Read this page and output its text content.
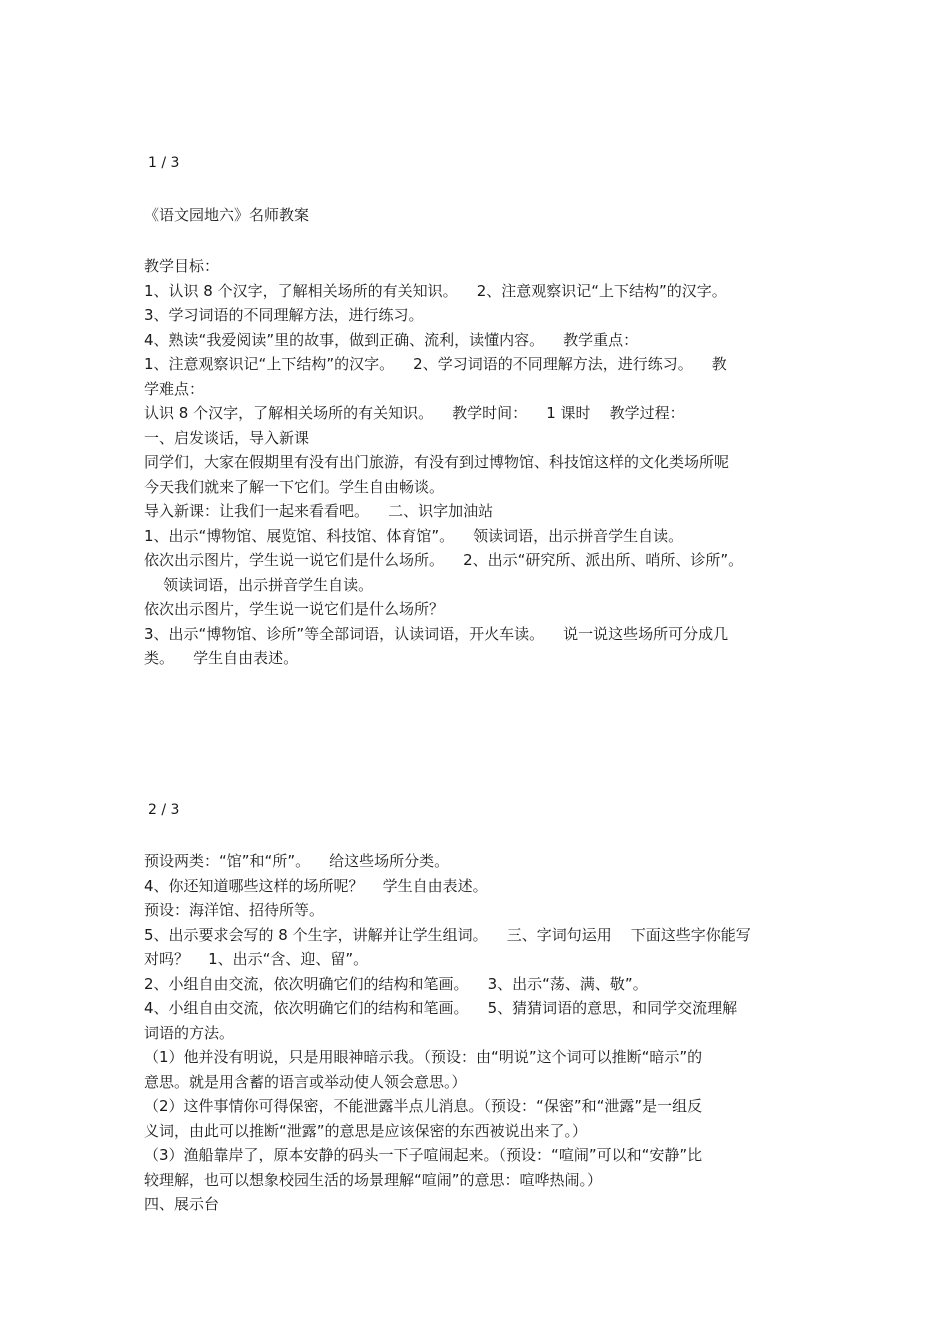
1 / 3
《语文园地六》名师教案
教学目标：
1、认识 8 个汉字，了解相关场所的有关知识。    2、注意观察识记“上下结构”的汉字。
3、学习词语的不同理解方法，进行练习。
4、熟读“我爱阅读”里的故事，做到正确、流利，读懂内容。    教学重点：
1、注意观察识记“上下结构”的汉字。    2、学习词语的不同理解方法，进行练习。    教
学难点：
认识 8 个汉字，了解相关场所的有关知识。    教学时间：    1 课时    教学过程：
一、启发谈话，导入新课
同学们，大家在假期里有没有出门旅游，有没有到过博物馆、科技馆这样的文化类场所呢
今天我们就来了解一下它们。学生自由畅谈。
导入新课：让我们一起来看看吧。    二、识字加油站
1、出示“博物馆、展览馆、科技馆、体育馆”。    领读词语，出示拼音学生自读。
依次出示图片，学生说一说它们是什么场所。    2、出示“研究所、派出所、哨所、诊所”。
领读词语，出示拼音学生自读。
依次出示图片，学生说一说它们是什么场所？
3、出示“博物馆、诊所”等全部词语，认读词语，开火车读。    说一说这些场所可分成几
类。    学生自由表述。
2 / 3
预设两类：“馆”和“所”。    给这些场所分类。
4、你还知道哪些这样的场所呢？    学生自由表述。
预设：海洋馆、招待所等。
5、出示要求会写的 8 个生字，讲解并让学生组词。    三、字词句运用    下面这些字你能写
对吗？    1、出示“含、迎、留”。
2、小组自由交流，依次明确它们的结构和笔画。    3、出示“荡、满、敬”。
4、小组自由交流，依次明确它们的结构和笔画。    5、猜猜词语的意思，和同学交流理解
词语的方法。
（1）他并没有明说，只是用眼神暗示我。（预设：由“明说”这个词可以推断“暗示”的
意思。就是用含蓄的语言或举动使人领会意思。）
（2）这件事情你可得保密，不能泄露半点儿消息。（预设：“保密”和“泄露”是一组反
义词，由此可以推断“泄露”的意思是应该保密的东西被说出来了。）
（3）渔船靠岸了，原本安静的码头一下子喧闹起来。（预设：“喧闹”可以和“安静”比
较理解，也可以想象校园生活的场景理解“喧闹”的意思：喧哗热闹。）
四、展示台
